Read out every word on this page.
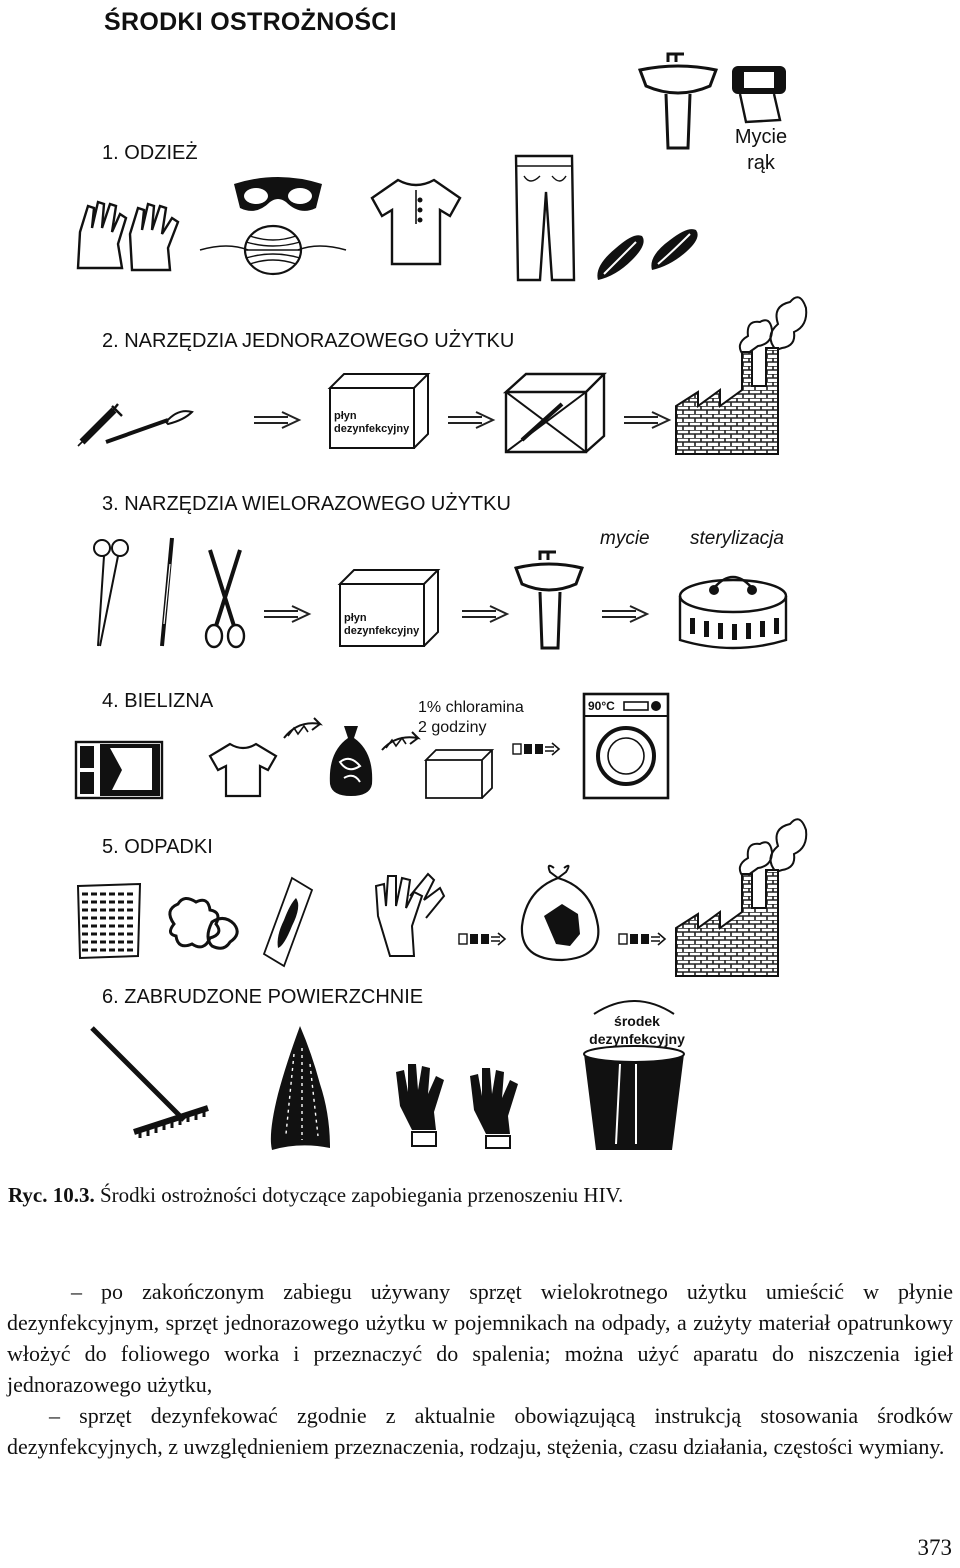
ŚRODKI OSTROŻNOŚCI
1. ODZIEŻ
2. NARZĘDZIA JEDNORAZOWEGO UŻYTKU
3. NARZĘDZIA WIELORAZOWEGO UŻYTKU
4. BIELIZNA
5. ODPADKI
6. ZABRUDZONE POWIERZCHNIE
Mycie
rąk
płyn
dezynfekcyjny
płyn
dezynfekcyjny
mycie sterylizacja
1% chloramina
2 godziny
90°C
środek
dezynfekcyjny
Ryc. 10.3. Środki ostrożności dotyczące zapobiegania przenoszeniu HIV.

– po zakończonym zabiegu używany sprzęt wielokrotnego użytku umieścić w płynie dezynfekcyjnym, sprzęt jednorazowego użytku w pojemnikach na odpady, a zużyty materiał opatrunkowy włożyć do foliowego worka i przeznaczyć do spalenia; można użyć aparatu do niszczenia igieł jednorazowego użytku,

– sprzęt dezynfekować zgodnie z aktualnie obowiązującą instrukcją stosowania środków dezynfekcyjnych, z uwzględnieniem przeznaczenia, rodzaju, stężenia, czasu działania, częstości wymiany.

373
